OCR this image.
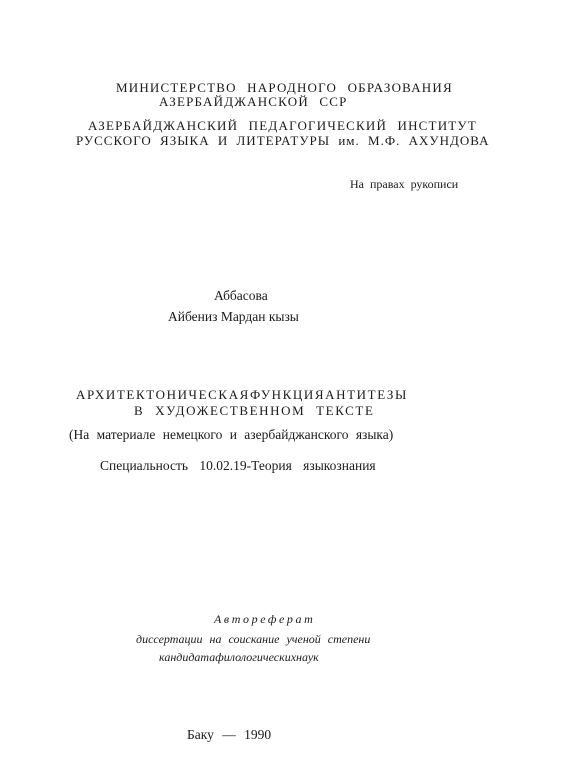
МИНИСТЕРСТВО НАРОДНОГО ОБРАЗОВАНИЯ
АЗЕРБАЙДЖАНСКОЙ ССР
АЗЕРБАЙДЖАНСКИЙ ПЕДАГОГИЧЕСКИЙ ИНСТИТУТ
РУССКОГО ЯЗЫКА И ЛИТЕРАТУРЫ им. М.Ф. АХУНДОВА
На правах рукописи
Аббасова
Айбениз Мардан кызы
АРХИТЕКТОНИЧЕСКАЯФУНКЦИЯАНТИТЕЗЫ
В ХУДОЖЕСТВЕННОМ ТЕКСТЕ
(На материале немецкого и азербайджанского языка)
Специальность 10.02.19-Теория языкознания
Автореферат
диссертации на соискание ученой степени
кандидатафилологическихнаук
Баку — 1990
